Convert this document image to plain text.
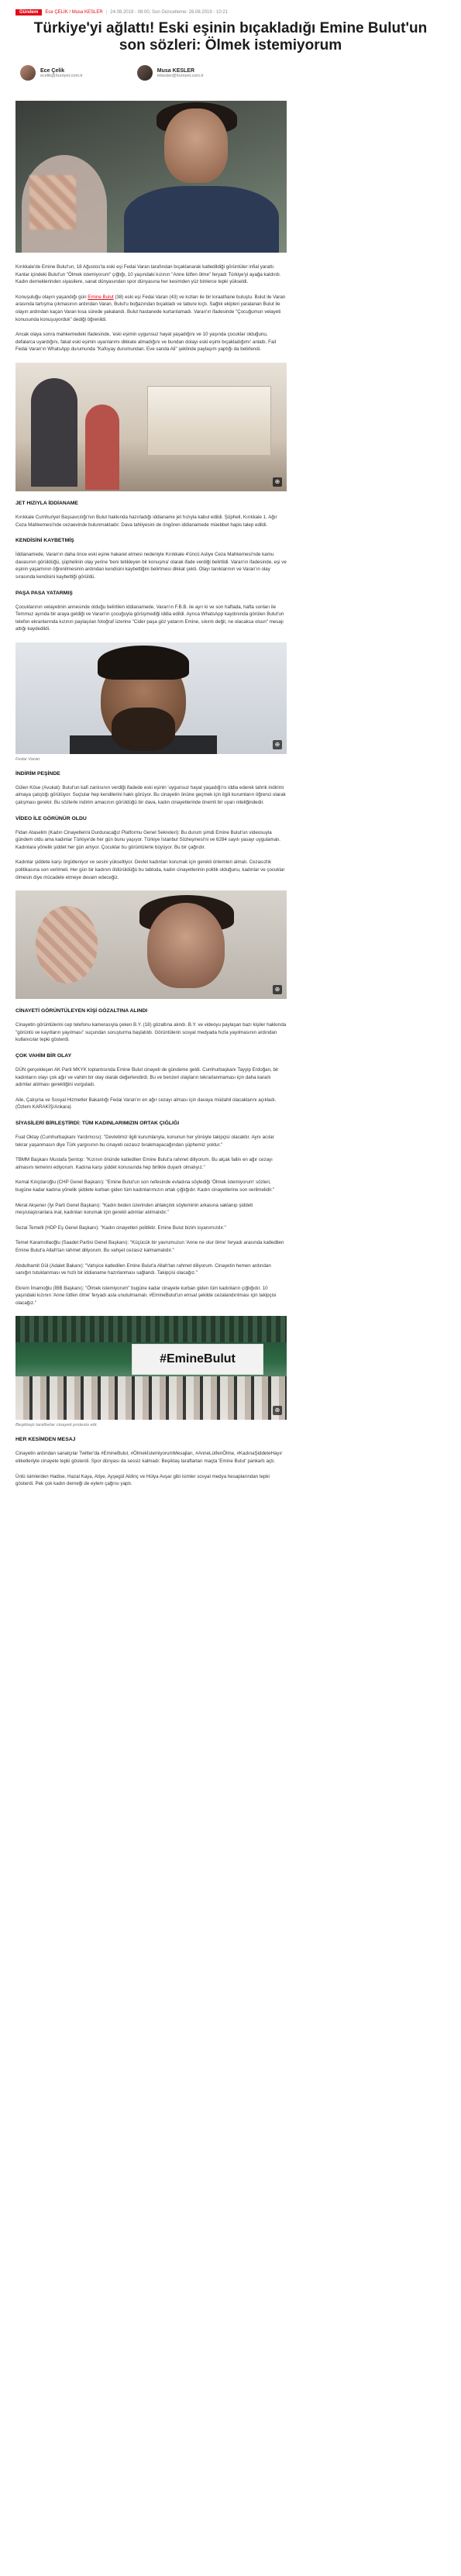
Gündem	Ece ÇELİK / Musa KESLER | 24.08.2019 - 08:00, Son Güncelleme: 26.08.2019 - 10:21
Türkiye'yi ağlattı! Eski eşinin bıçakladığı Emine Bulut'un son sözleri: Ölmek istemiyorum
Ece Çelik
ecelik@hurriyet.com.tr
Musa KESLER
mkesler@hurriyet.com.tr

Kırıkkale'de Emine Bulut'un, 18 Ağustos'ta eski eşi Fedai Varan tarafından bıçaklanarak katledildiği görüntüler infial yarattı. Kanlar içindeki Bulut'un "Ölmek istemiyorum" çığlığı, 10 yaşındaki kızının "Anne lütfen ölme" feryadı Türkiye'yi ayağa kaldırdı. Kadın derneklerinden siyasilere, sanat dünyasından spor dünyasına her kesimden yüz binlerce tepki yükseldi.

Konuşuluğu olayın yaşandığı gün Emine Bulut (38) eski eşi Fedai Varan (43) ve kızları ile bir kıraathane buluştu. Bulut ile Varan arasında tartışma çıkmasının ardından Varan, Bulut'u boğazından bıçakladı ve tabure kıçtı. Sağlık ekipleri yaralanan Bulut ile olayın ardından kaçan Varan kısa sürede yakalandı. Bulut hastanede kurtarılamadı. Varan'ın ifadesinde "Çocuğumun velayeti konusunda konuşuyorduk" dediği öğrenildi.

Ancak olaya sonra mahkemedeki ifadesinde, 'eski eşimin uygunsuz hayat yaşadığını ve 10 yaşında çocuklar olduğunu, defalarca uyardığını, fakat eski eşimin uyarılarımı dikkate almadığını ve bundan dolayı eski eşimi bıçakladığımı' anlattı. Fail Fedai Varan'ın WhatsApp durumunda "Kafoyay durumundan. Eve sanda Ali" şeklinde paylaşım yaptığı da belirlendi.

⊕
JET HIZIYLA İDDİANAME

Kırıkkale Cumhuriyet Başsavcılığı'nın Bulut hakkında hazırladığı iddianame jet hızıyla kabul edildi. Şüpheli, Kırıkkale 1. Ağır Ceza Mahkemesi'nde cezaevinde bulunmaktadır. Dava tahliyesini de öngören iddianamede müebbet hapis talep edildi.

KENDİSİNİ KAYBETMİŞ

İddianamede, Varan'ın daha önce eski eşine hakaret etmesi nedeniyle Kırıkkale 4'üncü Asliye Ceza Mahkemesi'nde kamu davasının görüldüğü, şüphelinin olay yerine 'beni tetikleyen bir konuşma' olarak ifade verdiği belirtildi. Varan'ın ifadesinde, eşi ve eşinin yaşamının öğrenilmesinin ardından kendisini kaybettiğini belirtmesi dikkat çekti. Olayı tanıklarının ve Varan'ın olay sırasında kendisini kaybettiği görüldü.

PAŞA PASA YATARMIŞ

Çocuklarının velayetinin annesinde olduğu belirtilen iddianamede, Varan'ın F.B.B. ile ayrı ki ve son haftada, hafta sonları ile Temmuz ayında bir araya geldiği ve Varan'ın çocuğuyla görüşmediği iddia edildi. Ayrıca WhatsApp kaydınında görülen Bulut'un telefon ekranlarında kızının paylaşılan fotoğraf üzerine "Cider paşa göz yatarım Emine, sıkıntı değil, ne olacaksa olsun" mesajı attığı kaydedildi.

⊕
Fedai Varan
İNDİRİM PEŞİNDE

Gülen Köse (Avukat): Bulut'un kafi zanlısının verdiği ifadede eski eşinin 'uygunsuz hayat yaşadığı'nı iddia ederek tahrik indirimi almaya çalıştığı görülüyor. Suçlular hep kendilerini haklı görüyor. Bu cinayetin önüne geçmek için ilgili kurumların öğrenci olarak çalışması gerekir. Bu sözlerle indirim amacının görüldüğü bir dava, kadın cinayetlerinde önemli bir uyarı niteliğindedir.

VİDEO İLE GÖRÜNÜR OLDU

Fidan Ataselim (Kadın Cinayetlerini Durduracağız Platformu Genel Sekreteri): Bu durum şimdi Emine Bulut'un videosuyla gündem oldu ama kadınlar Türkiye'de her gün bunu yaşıyor. Türkiye İstanbul Sözleşmesi'ni ve 6284 sayılı yasayı uygulamalı. Kadınlara yönelik şiddet her gün artıyor. Çocuklar bu görüntülerle büyüyor. Bu bir çağrıdır.

Kadınlar şiddete karşı örgütleniyor ve sesini yükseltiyor. Devlet kadınları korumak için gerekli önlemleri almalı. Cezasızlık politikasına son verilmeli. Her gün bir kadının öldürüldüğü bu tabloda, kadın cinayetlerinin politik olduğunu, kadınlar ve çocuklar ölmesin diye mücadele etmeye devam edeceğiz.

⊕
CİNAYETİ GÖRÜNTÜLEYEN KİŞİ GÖZALTINA ALINDI

Cinayetin görüntülerini cep telefonu kamerasıyla çeken B.Y. (18) gözaltına alındı. B.Y. ve videoyu paylaşan bazı kişiler hakkında "görüntü ve kayıtların yayılması" suçundan soruşturma başlatıldı. Görüntülerin sosyal medyada hızla yayılmasının ardından kullanıcılar tepki gösterdi.

ÇOK VAHİM BİR OLAY

DÜN gerçekleşen AK Parti MKYK toplantısında Emine Bulut cinayeti de gündeme geldi. Cumhurbaşkanı Tayyip Erdoğan, bir kadınların olayı çok ağır ve vahim bir olay olarak değerlendirdi. Bu ve benzeri olayların tekrarlanmaması için daha kararlı adımlar atılması gerektiğini vurguladı.

Aile, Çalışma ve Sosyal Hizmetler Bakanlığı Fedai Varan'ın en ağır cezayı alması için davaya müdahil olacaklarını açıkladı. (Özlem KARAKİŞ/Ankara)

SİYASİLERİ BİRLEŞTİRDİ: TÜM KADINLARIMIZIN ORTAK ÇIĞLIĞI

Fuat Oktay (Cumhurbaşkanı Yardımcısı): "Devletimiz ilgili kurumlarıyla, konunun her yönüyle takipçisi olacaktır. Aynı acılar tekrar yaşanmasın diye Türk yargısının bu cinayeti cezasız bırakmayacağından şüphemiz yoktur."

TBMM Başkanı Mustafa Şentop: "Kızının önünde katledilen Emine Bulut'a rahmet diliyorum. Bu alçak failin en ağır cezayı almasını temenni ediyorum. Kadına karşı şiddet konusunda hep birlikte duyarlı olmalıyız."

Kemal Kılıçdaroğlu (CHP Genel Başkanı): "Emine Bulut'un son nefesinde evladına söylediği 'Ölmek istemiyorum' sözleri, bugüne kadar kadına yönelik şiddete kurban giden tüm kadınlarımızın ortak çığlığıdır. Kadın cinayetlerine son verilmelidir."

Meral Akşener (İyi Parti Genel Başkanı): "Kadın beden üzerinden ahlakçılık söyleminin arkasına saklanıp şiddeti meşrulaştıranlara inat, kadınları korumak için gerekli adımlar atılmalıdır."

Sezai Temelli (HDP Eş Genel Başkanı): "Kadın cinayetleri politiktir. Emine Bulut bizim isyanımızdır."

Temel Karamollaoğlu (Saadet Partisi Genel Başkanı): "Küçücük bir yavrumuzun 'Anne ne olur ölme' feryadı arasında katledilen Emine Bulut'a Allah'tan rahmet diliyorum. Bu vahşet cezasız kalmamalıdır."

Abdulhamit Gül (Adalet Bakanı): "Vahşice katledilen Emine Bulut'a Allah'tan rahmet diliyorum. Cinayetin hemen ardından sanığın tutuklanması ve hızlı bir iddianame hazırlanması sağlandı. Takipçisi olacağız."

Ekrem İmamoğlu (İBB Başkanı): "Ölmek istemiyorum" bugüne kadar cinayete kurban giden tüm kadınların çığlığıdır. 10 yaşındaki kızının 'Anne lütfen ölme' feryadı asla unutulmamalı. #EmineBulut'un emsal şekilde cezalandırılması için takipçisi olacağız."

#EmineBulut
⊕
Beşiktaşlı taraftarlar cinayeti protesto etti.
HER KESİMDEN MESAJ

Cinayetin ardından sanatçılar Twitter'da #EmineBulut, #ÖlmekİstemiyorumMesajları, #AnneLütfenÖlme, #KadınaŞiddeteHayır etiketleriyle cinayete tepki gösterdi. Spor dünyası da sessiz kalmadı: Beşiktaş taraftarları maçta 'Emine Bulut' pankartı açtı.

Ünlü isimlerden Hadise, Hazal Kaya, Atiye, Ayşegül Aldinç ve Hülya Avşar gibi isimler sosyal medya hesaplarından tepki gösterdi. Pek çok kadın derneği de eylem çağrısı yaptı.
